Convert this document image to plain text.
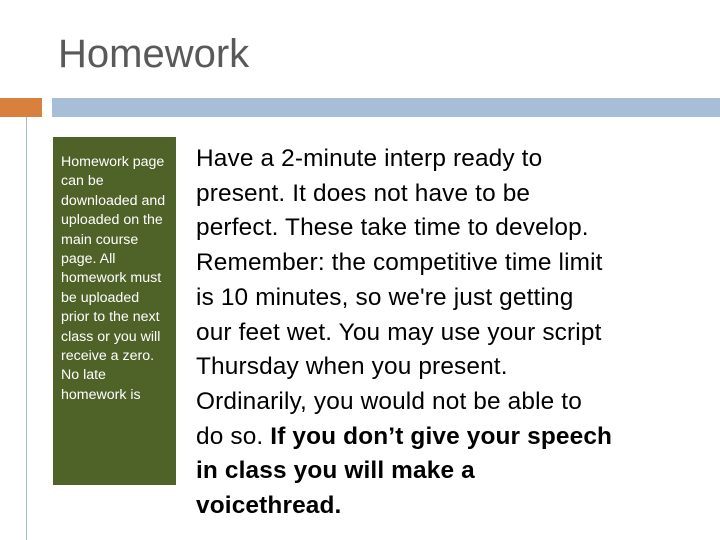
Homework
Homework page can be downloaded and uploaded on the main course page. All homework must be uploaded prior to the next class or you will receive a zero. No late homework is
Have a 2-minute interp ready to
present. It does not have to be
perfect. These take time to develop.
Remember: the competitive time limit
is 10 minutes, so we're just getting
our feet wet. You may use your script
Thursday when you present.
Ordinarily, you would not be able to
do so. If you don’t give your speech
in class you will make a
voicethread.
